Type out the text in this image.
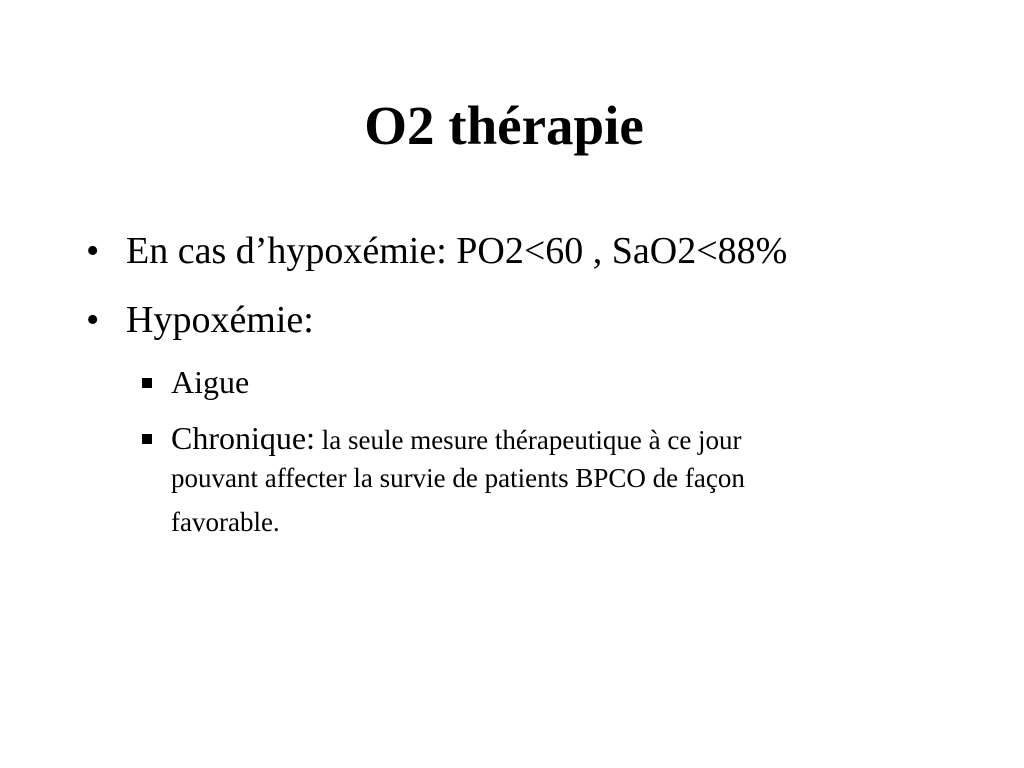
O2 thérapie
• En cas d’hypoxémie: PO2<60 , SaO2<88%
• Hypoxémie:
Aigue
Chronique: la seule mesure thérapeutique à ce jour
pouvant affecter la survie de patients BPCO de façon
favorable.
